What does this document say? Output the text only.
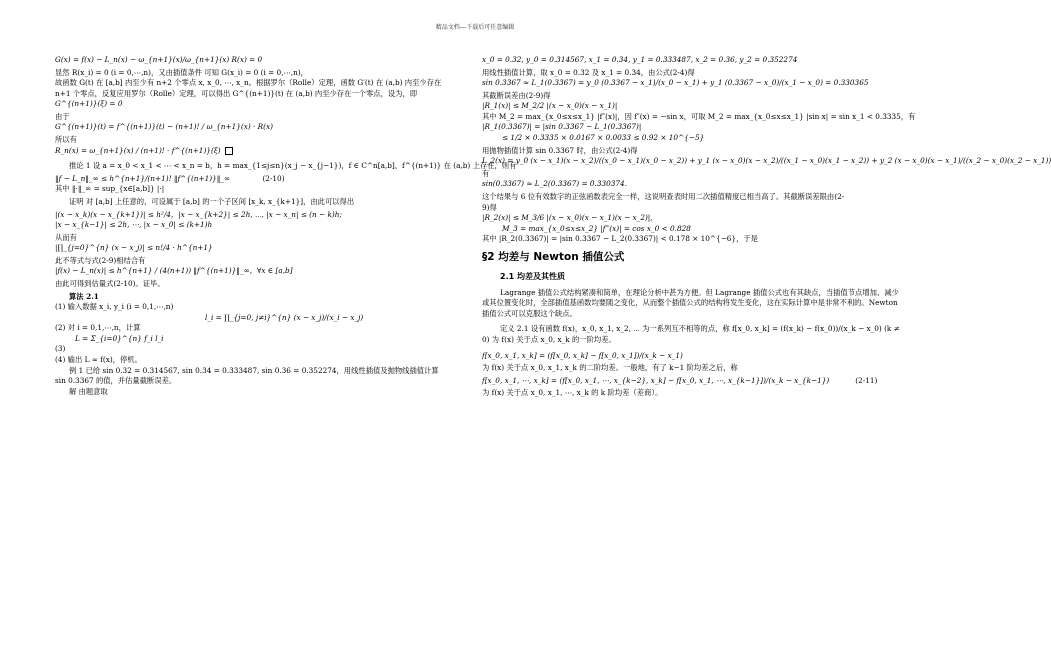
精品文档---下载后可任意编辑
G(x) = f(x) − L_n(x) − ω_{n+1}(x)/ω_{n+1}(x) R(x) = 0
显然 R(x_i) = 0 (i = 0,⋯,n)，又由插值条件 可知 G(x_i) = 0 (i = 0,⋯,n)，
故函数 G(t) 在 [a,b] 内至少有 n+2 个零点 x, x_0, ⋯, x_n。根据罗尔（Rolle）定理，函数 G′(t) 在 (a,b) 内至少存在
n+1 个零点，反复应用罗尔（Rolle）定理，可以得出 G^{(n+1)}(t) 在 (a,b) 内至少存在一个零点，设为，即
G^{(n+1)}(ξ) = 0
由于
G^{(n+1)}(t) = f^{(n+1)}(t) − (n+1)! / ω_{n+1}(x) · R(x)
所以有
R_n(x) = ω_{n+1}(x) / (n+1)! · f^{(n+1)}(ξ)
推论 1 设 a = x_0 < x_1 < ⋯ < x_n = b，h = max_{1≤j≤n}(x_j − x_{j−1})，f ∈ C^n[a,b]，f^{(n+1)} 在 (a,b) 上存在，则有
‖f − L_n‖_∞ ≤ h^{n+1}/(n+1)! ‖f^{(n+1)}‖_∞	(2-10)
其中 ‖·‖_∞ = sup_{x∈[a,b]} |·|
证明 对 [a,b] 上任意的，可设属于 [a,b] 的一个子区间 [x_k, x_{k+1}]，由此可以得出
|(x − x_k)(x − x_{k+1})| ≤ h²/4，|x − x_{k+2}| ≤ 2h, ⋯, |x − x_n| ≤ (n − k)h;
|x − x_{k−1}| ≤ 2h, ⋯, |x − x_0| ≤ (k+1)h
从而有
|∏_{j=0}^{n} (x − x_j)| ≤ n!/4 · h^{n+1}
此不等式与式(2-9)相结合有
|f(x) − L_n(x)| ≤ h^{n+1} / (4(n+1)) ‖f^{(n+1)}‖_∞，∀x ∈ [a,b]
由此可得到估量式(2-10)。证毕。
算法 2.1
(1) 输入数据 x_i, y_i (i = 0,1,⋯,n)
l_i = ∏_{j=0, j≠i}^{n} (x − x_j)/(x_i − x_j)
(2) 对 i = 0,1,⋯,n，计算
L = Σ_{i=0}^{n} f_i l_i
(3)
(4) 输出 L ≈ f(x)，停机。
例 1 已给 sin 0.32 = 0.314567, sin 0.34 = 0.333487, sin 0.36 = 0.352274，用线性插值及抛物线插值计算
sin 0.3367 的值，并估量截断误差。
解 由题意取
x_0 = 0.32, y_0 = 0.314567, x_1 = 0.34, y_1 = 0.333487, x_2 = 0.36, y_2 = 0.352274
用线性插值计算，取 x_0 = 0.32 及 x_1 = 0.34，由公式(2-4)得
sin 0.3367 ≈ L_1(0.3367) = y_0 (0.3367 − x_1)/(x_0 − x_1) + y_1 (0.3367 − x_0)/(x_1 − x_0) = 0.330365
其截断误差由(2-9)得
|R_1(x)| ≤ M_2/2 |(x − x_0)(x − x_1)|
其中 M_2 = max_{x_0≤x≤x_1} |f″(x)|，因 f″(x) = −sin x，可取 M_2 = max_{x_0≤x≤x_1} |sin x| = sin x_1 < 0.3335，有
|R_1(0.3367)| = |sin 0.3367 − L_1(0.3367)|
≤ 1/2 × 0.3335 × 0.0167 × 0.0033 ≤ 0.92 × 10^{−5}
用抛物插值计算 sin 0.3367 时，由公式(2-4)得
L_2(x) = y_0 (x − x_1)(x − x_2)/((x_0 − x_1)(x_0 − x_2)) + y_1 (x − x_0)(x − x_2)/((x_1 − x_0)(x_1 − x_2)) + y_2 (x − x_0)(x − x_1)/((x_2 − x_0)(x_2 − x_1))
有
sin(0.3367) ≈ L_2(0.3367) = 0.330374.
这个结果与 6 位有效数字的正弦函数表完全一样，这说明查表时用二次插值精度已相当高了。其截断误差限由(2-
9)得
|R_2(x)| ≤ M_3/6 |(x − x_0)(x − x_1)(x − x_2)|,
M_3 = max_{x_0≤x≤x_2} |f‴(x)| = cos x_0 < 0.828
其中 |R_2(0.3367)| = |sin 0.3367 − L_2(0.3367)| < 0.178 × 10^{−6}，于是
§2 均差与 Newton 插值公式
2.1 均差及其性质
Lagrange 插值公式结构紧凑和简单，在理论分析中甚为方便。但 Lagrange 插值公式也有其缺点，当插值节点增加、减少或其位置变化时，全部插值基函数均要随之变化，从而整个插值公式的结构将发生变化，这在实际计算中是非常不利的。Newton 插值公式可以克服这个缺点。
定义 2.1 设有函数 f(x)，x_0, x_1, x_2, ⋯ 为一系列互不相等的点，称 f[x_0, x_k] = (f(x_k) − f(x_0))/(x_k − x_0) (k ≠ 0) 为 f(x) 关于点 x_0, x_k 的一阶均差。
f[x_0, x_1, x_k] = (f[x_0, x_k] − f[x_0, x_1])/(x_k − x_1)
为 f(x) 关于点 x_0, x_1, x_k 的二阶均差。一般地，有了 k−1 阶均差之后，称
f[x_0, x_1, ⋯, x_k] = (f[x_0, x_1, ⋯, x_{k−2}, x_k] − f[x_0, x_1, ⋯, x_{k−1}])/(x_k − x_{k−1})	(2-11)
为 f(x) 关于点 x_0, x_1, ⋯, x_k 的 k 阶均差（差商）。
